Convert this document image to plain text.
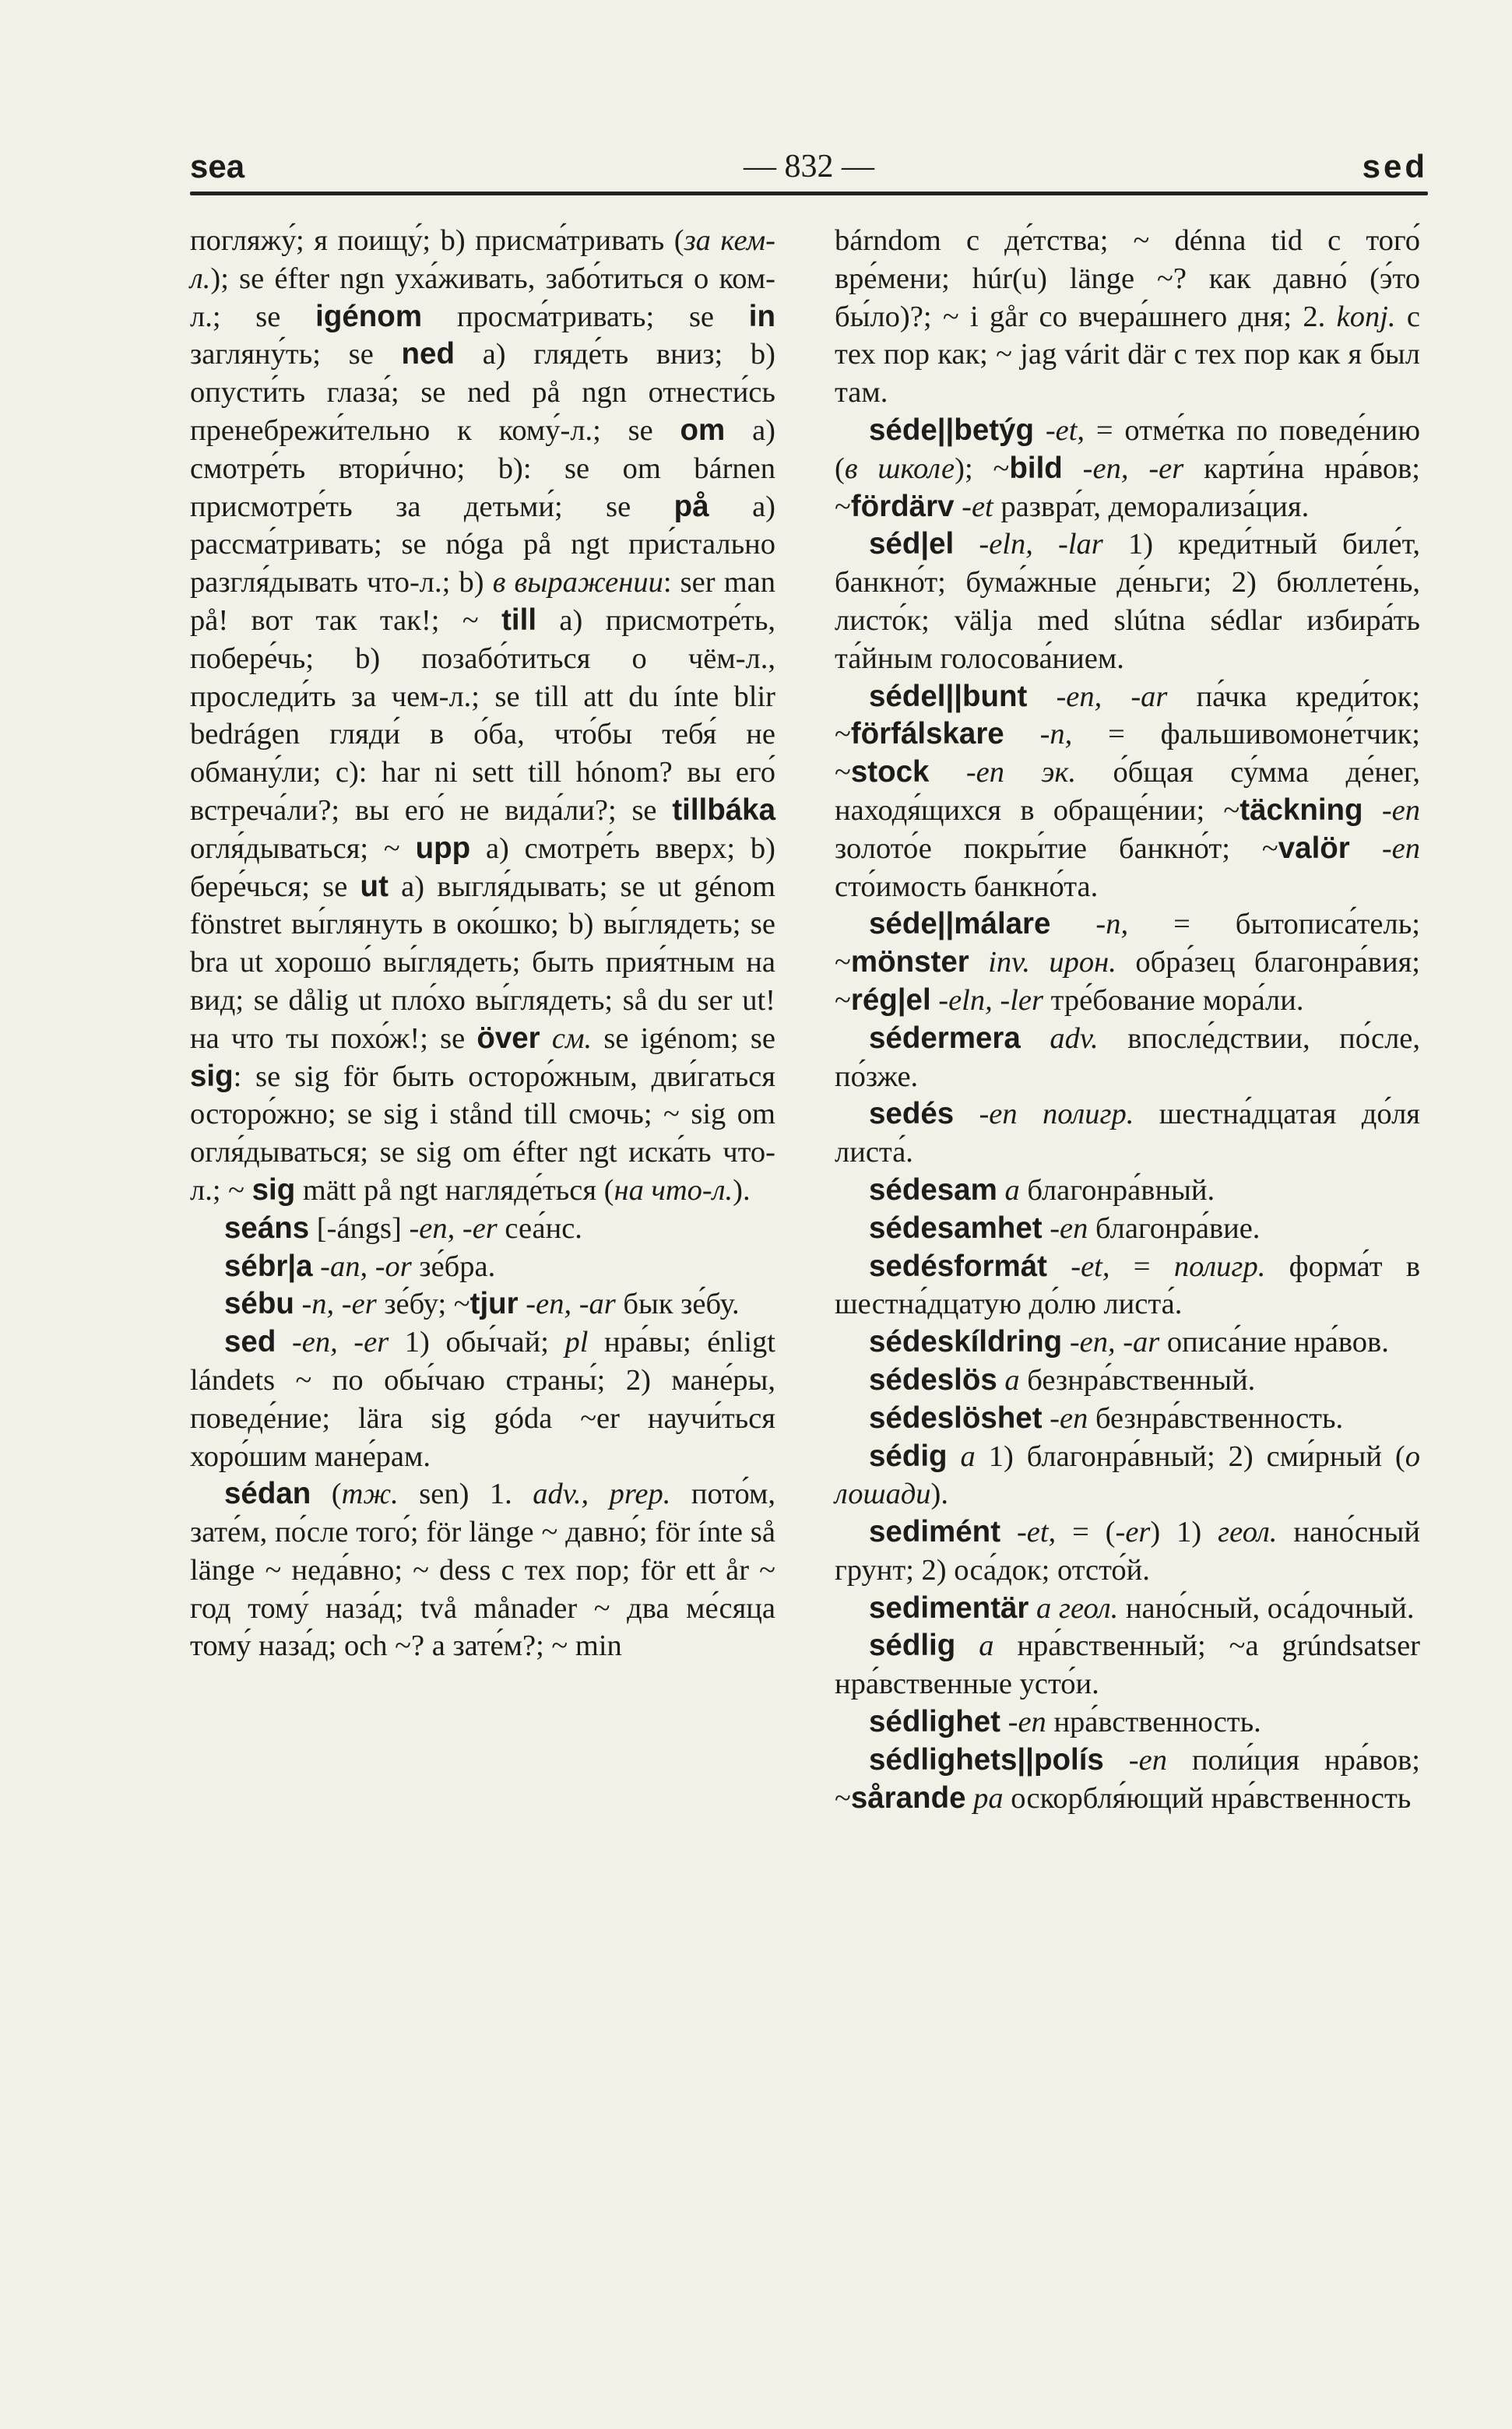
— 832 —
sea	sed

погляжу́; я поищу́; b) присма́тривать (за кем-л.); se éfter ngn уха́живать, забо́титься о ком-л.; se igénom просма́тривать; se in загляну́ть; se ned a) гляде́ть вниз; b) опусти́ть глаза́; se ned på ngn отнести́сь пренебрежи́тельно к кому́-л.; se om a) смотре́ть втори́чно; b): se om bárnen присмотре́ть за детьми́; se på a) рассма́тривать; se nóga på ngt при́стально разгля́дывать что-л.; b) в выражении: ser man på! вот так так!; ~ till a) присмотре́ть, побере́чь; b) позабо́титься о чём-л., проследи́ть за чем-л.; se till att du ínte blir bedrágen гляди́ в о́ба, что́бы тебя́ не обману́ли; c): har ni sett till hónom? вы его́ встреча́ли?; вы его́ не вида́ли?; se tillbáka огля́дываться; ~ upp a) смотре́ть вверх; b) бере́чься; se ut a) выгля́дывать; se ut génom fönstret вы́глянуть в око́шко; b) вы́глядеть; se bra ut хорошо́ вы́глядеть; быть прия́тным на вид; se dålig ut пло́хо вы́глядеть; så du ser ut! на что ты похо́ж!; se över см. se igénom; se sig: se sig för быть осторо́жным, дви́гаться осторо́жно; se sig i stånd till смочь; ~ sig om огля́дываться; se sig om éfter ngt иска́ть что-л.; ~ sig mätt på ngt нагляде́ться (на что-л.).

seáns [-ángs] -en, -er сеа́нс.

sébr|a -an, -or зе́бра.

sébu -n, -er зе́бу; ~tjur -en, -ar бык зе́бу.

sed -en, -er 1) обы́чай; pl нра́вы; énligt lándets ~ по обы́чаю страны́; 2) мане́ры, поведе́ние; lära sig góda ~er научи́ться хоро́шим мане́рам.

sédan (тж. sen) 1. adv., prep. пото́м, зате́м, по́сле того́; för länge ~ давно́; för ínte så länge ~ неда́вно; ~ dess с тех пор; för ett år ~ год тому́ наза́д; två månader ~ два ме́сяца тому́ наза́д; och ~? а зате́м?; ~ min

bárndom с де́тства; ~ dénna tid с того́ вре́мени; húr(u) länge ~? как давно́ (э́то бы́ло)?; ~ i går со вчера́шнего дня; 2. konj. с тех пор как; ~ jag várit där с тех пор как я был там.

séde||betýg -et, = отме́тка по поведе́нию (в школе); ~bild -en, -er карти́на нра́вов; ~fördärv -et развра́т, деморализа́ция.

séd|el -eln, -lar 1) креди́тный биле́т, банкно́т; бума́жные де́ньги; 2) бюллете́нь, листо́к; välja med slútna sédlar избира́ть та́йным голосова́нием.

sédel||bunt -en, -ar па́чка креди́ток; ~förfálskare -n, = фальшивомоне́тчик; ~stock -en эк. о́бщая су́мма де́нег, находя́щихся в обраще́нии; ~täckning -en золото́е покры́тие банкно́т; ~valör -en сто́имость банкно́та.

séde||málare -n, = бытописа́тель; ~mönster inv. ирон. обра́зец благонра́вия; ~rég|el -eln, -ler тре́бование мора́ли.

sédermera adv. впосле́дствии, по́сле, по́зже.

sedés -en полигр. шестна́дцатая до́ля листа́.

sédesam a благонра́вный.

sédesamhet -en благонра́вие.

sedésformát -et, = полигр. форма́т в шестна́дцатую до́лю листа́.

sédeskíldring -en, -ar описа́ние нра́вов.

sédeslös a безнра́вственный.

sédeslöshet -en безнра́вственность.

sédig a 1) благонра́вный; 2) сми́рный (о лошади).

sedimént -et, = (-er) 1) геол. нано́сный грунт; 2) оса́док; отсто́й.

sedimentär a геол. нано́сный, оса́дочный.

sédlig a нра́вственный; ~a grúndsatser нра́вственные усто́и.

sédlighet -en нра́вственность.

sédlighets||polís -en поли́ция нра́вов; ~sårande pa оскорбля́ющий нра́вственность
